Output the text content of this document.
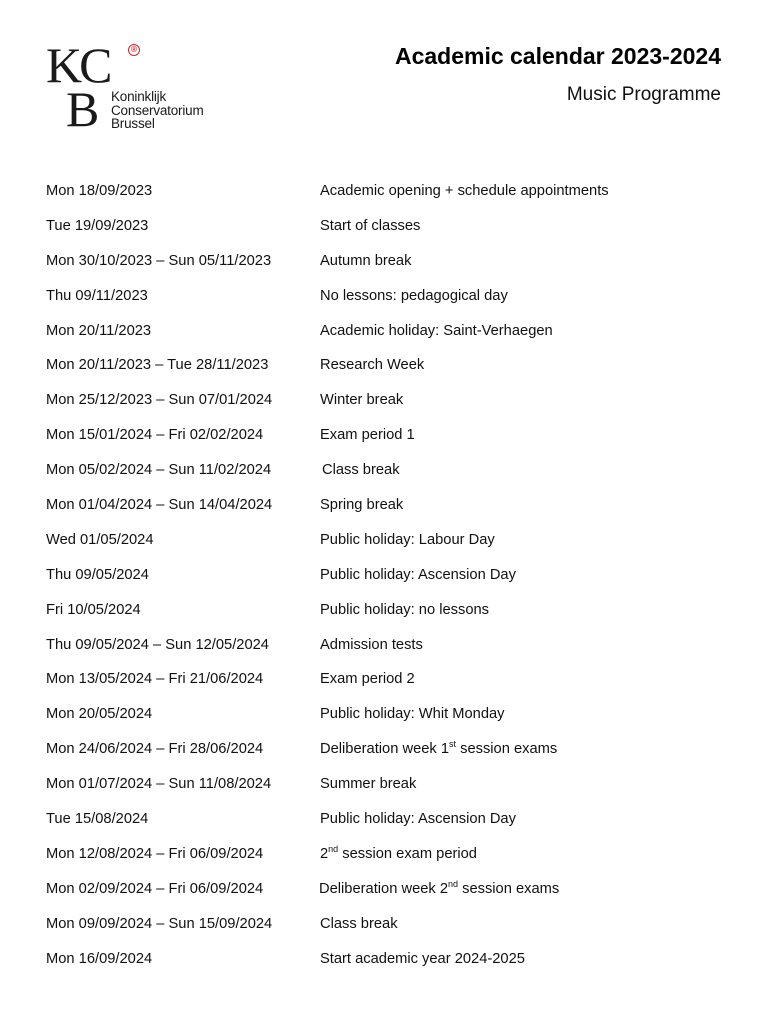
KC	®
B Koninklijk
Conservatorium
Brussel
Academic calendar 2023-2024
Music Programme
Mon 18/09/2023	Academic opening + schedule appointments
Tue 19/09/2023	Start of classes
Mon 30/10/2023 – Sun 05/11/2023	Autumn break
Thu 09/11/2023	No lessons: pedagogical day
Mon 20/11/2023	Academic holiday: Saint-Verhaegen
Mon 20/11/2023 – Tue 28/11/2023	Research Week
Mon 25/12/2023 – Sun 07/01/2024	Winter break
Mon 15/01/2024 – Fri 02/02/2024	Exam period 1
Mon 05/02/2024 – Sun 11/02/2024	Class break
Mon 01/04/2024 – Sun 14/04/2024	Spring break
Wed 01/05/2024	Public holiday: Labour Day
Thu 09/05/2024	Public holiday: Ascension Day
Fri 10/05/2024	Public holiday: no lessons
Thu 09/05/2024 – Sun 12/05/2024	Admission tests
Mon 13/05/2024 – Fri 21/06/2024	Exam period 2
Mon 20/05/2024	Public holiday: Whit Monday
Mon 24/06/2024 – Fri 28/06/2024	Deliberation week 1st session exams
Mon 01/07/2024 – Sun 11/08/2024	Summer break
Tue 15/08/2024	Public holiday: Ascension Day
Mon 12/08/2024 – Fri 06/09/2024	2nd session exam period
Mon 02/09/2024 – Fri 06/09/2024	Deliberation week 2nd session exams
Mon 09/09/2024 – Sun 15/09/2024	Class break
Mon 16/09/2024	Start academic year 2024-2025
